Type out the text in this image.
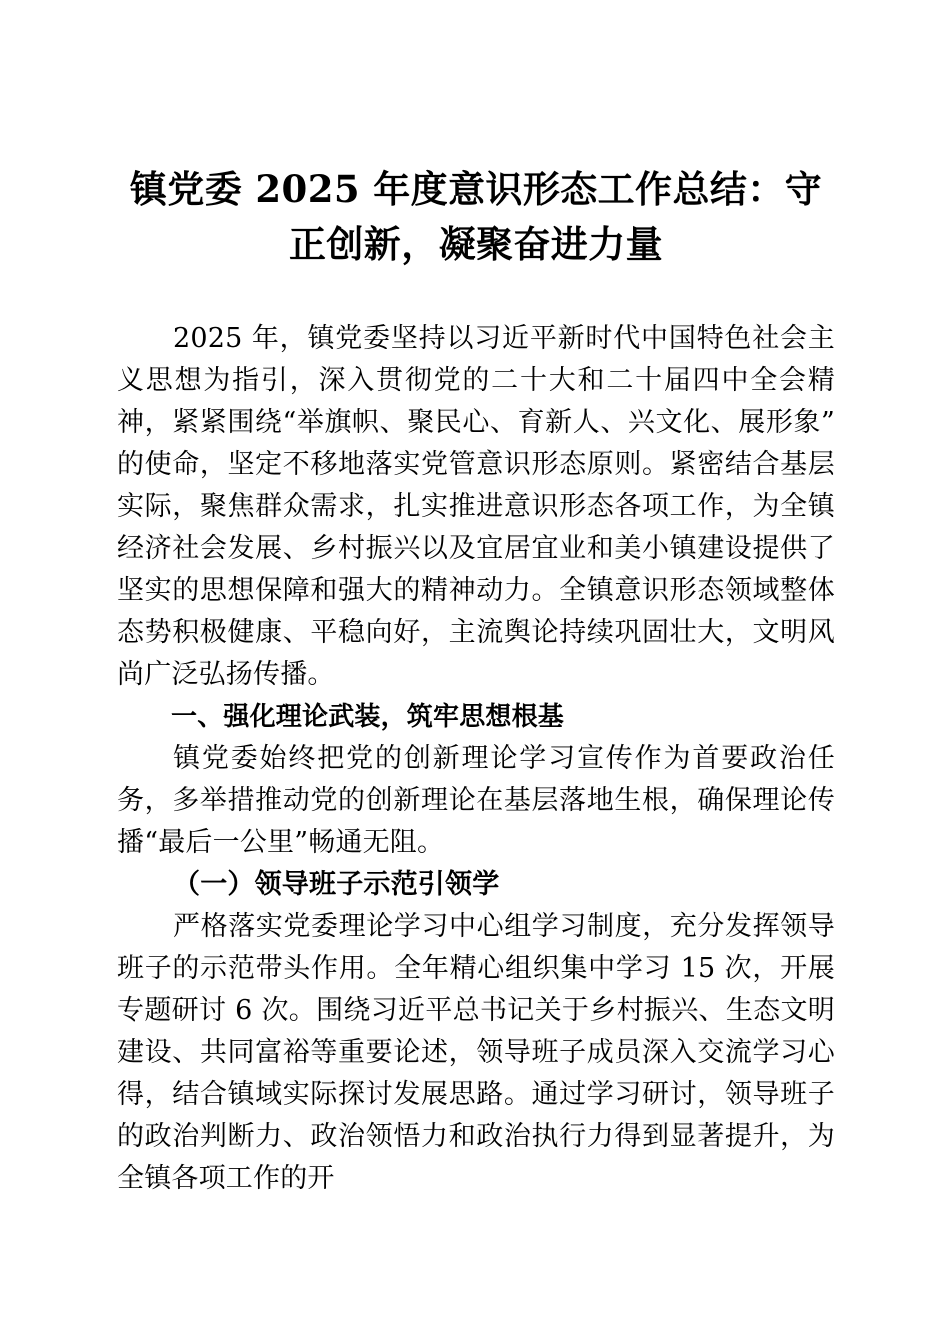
镇党委 2025 年度意识形态工作总结：守正创新，凝聚奋进力量

2025 年，镇党委坚持以习近平新时代中国特色社会主义思想为指引，深入贯彻党的二十大和二十届四中全会精神，紧紧围绕“举旗帜、聚民心、育新人、兴文化、展形象”的使命，坚定不移地落实党管意识形态原则。紧密结合基层实际，聚焦群众需求，扎实推进意识形态各项工作，为全镇经济社会发展、乡村振兴以及宜居宜业和美小镇建设提供了坚实的思想保障和强大的精神动力。全镇意识形态领域整体态势积极健康、平稳向好，主流舆论持续巩固壮大，文明风尚广泛弘扬传播。

一、强化理论武装，筑牢思想根基

镇党委始终把党的创新理论学习宣传作为首要政治任务，多举措推动党的创新理论在基层落地生根，确保理论传播“最后一公里”畅通无阻。

（一）领导班子示范引领学

严格落实党委理论学习中心组学习制度，充分发挥领导班子的示范带头作用。全年精心组织集中学习 15 次，开展专题研讨 6 次。围绕习近平总书记关于乡村振兴、生态文明建设、共同富裕等重要论述，领导班子成员深入交流学习心得，结合镇域实际探讨发展思路。通过学习研讨，领导班子的政治判断力、政治领悟力和政治执行力得到显著提升，为全镇各项工作的开
